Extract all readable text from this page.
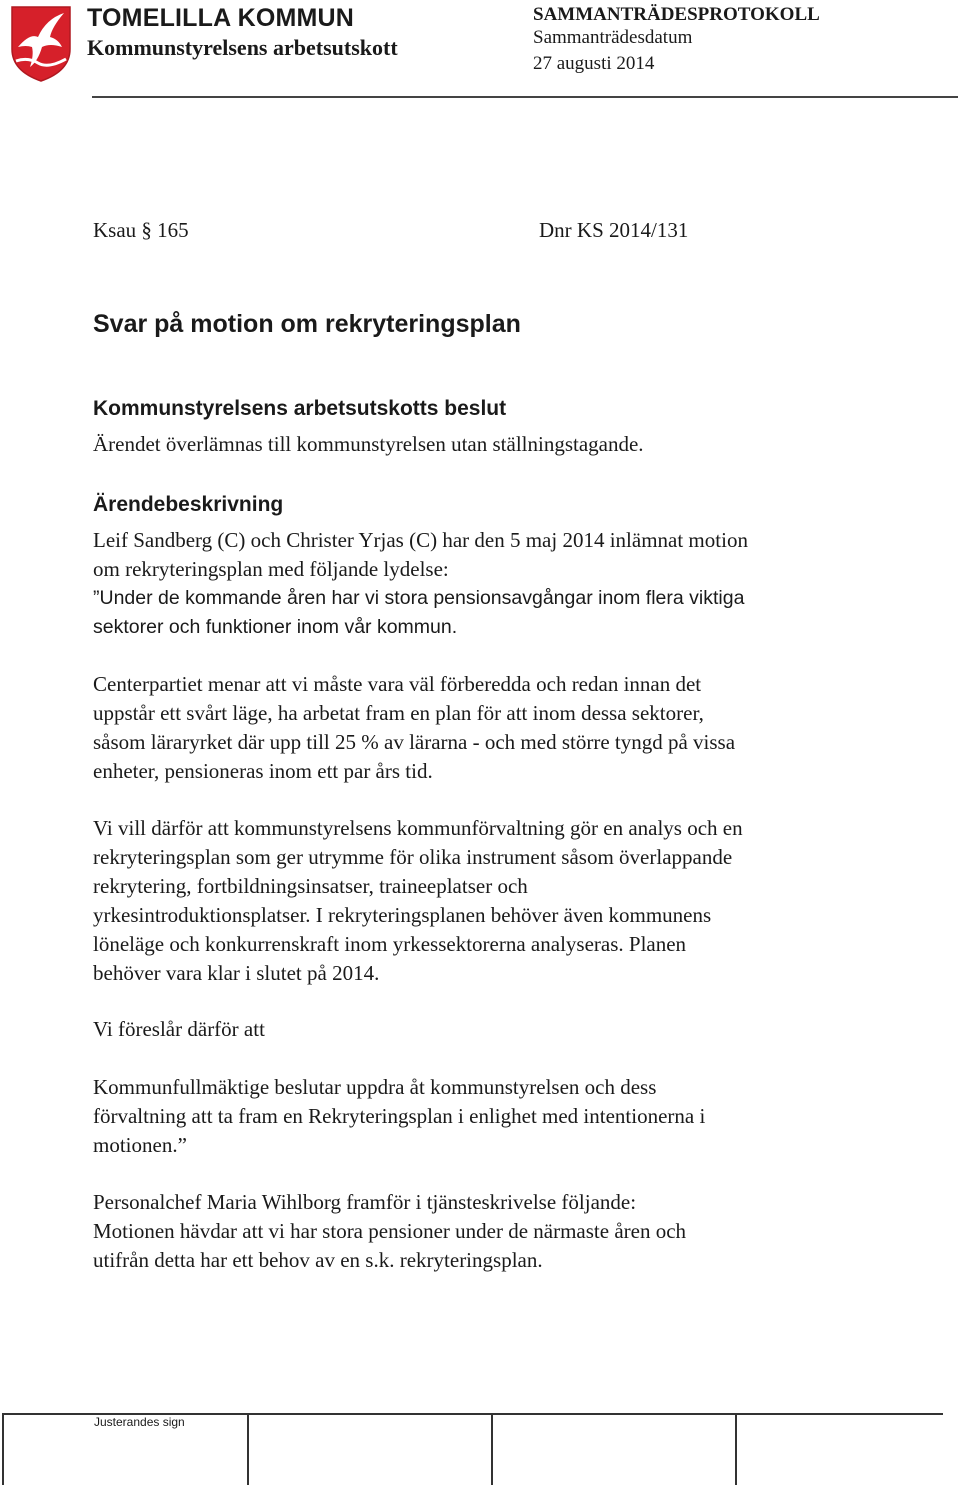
TOMELILLA KOMMUN
Kommunstyrelsens arbetsutskott
SAMMANTRÄDESPROTOKOLL
Sammanträdesdatum
27 augusti 2014
Ksau § 165	Dnr KS 2014/131
Svar på motion om rekryteringsplan
Kommunstyrelsens arbetsutskotts beslut
Ärendet överlämnas till kommunstyrelsen utan ställningstagande.
Ärendebeskrivning
Leif Sandberg (C) och Christer Yrjas (C) har den 5 maj 2014 inlämnat motion
om rekryteringsplan med följande lydelse:
”Under de kommande åren har vi stora pensionsavgångar inom flera viktiga
sektorer och funktioner inom vår kommun.
Centerpartiet menar att vi måste vara väl förberedda och redan innan det
uppstår ett svårt läge, ha arbetat fram en plan för att inom dessa sektorer,
såsom läraryrket där upp till 25 % av lärarna - och med större tyngd på vissa
enheter, pensioneras inom ett par års tid.
Vi vill därför att kommunstyrelsens kommunförvaltning gör en analys och en
rekryteringsplan som ger utrymme för olika instrument såsom överlappande
rekrytering, fortbildningsinsatser, traineeplatser och
yrkesintroduktionsplatser. I rekryteringsplanen behöver även kommunens
löneläge och konkurrenskraft inom yrkessektorerna analyseras. Planen
behöver vara klar i slutet på 2014.
Vi föreslår därför att
Kommunfullmäktige beslutar uppdra åt kommunstyrelsen och dess
förvaltning att ta fram en Rekryteringsplan i enlighet med intentionerna i
motionen.”
Personalchef Maria Wihlborg framför i tjänsteskrivelse följande:
Motionen hävdar att vi har stora pensioner under de närmaste åren och
utifrån detta har ett behov av en s.k. rekryteringsplan.
Justerandes sign
